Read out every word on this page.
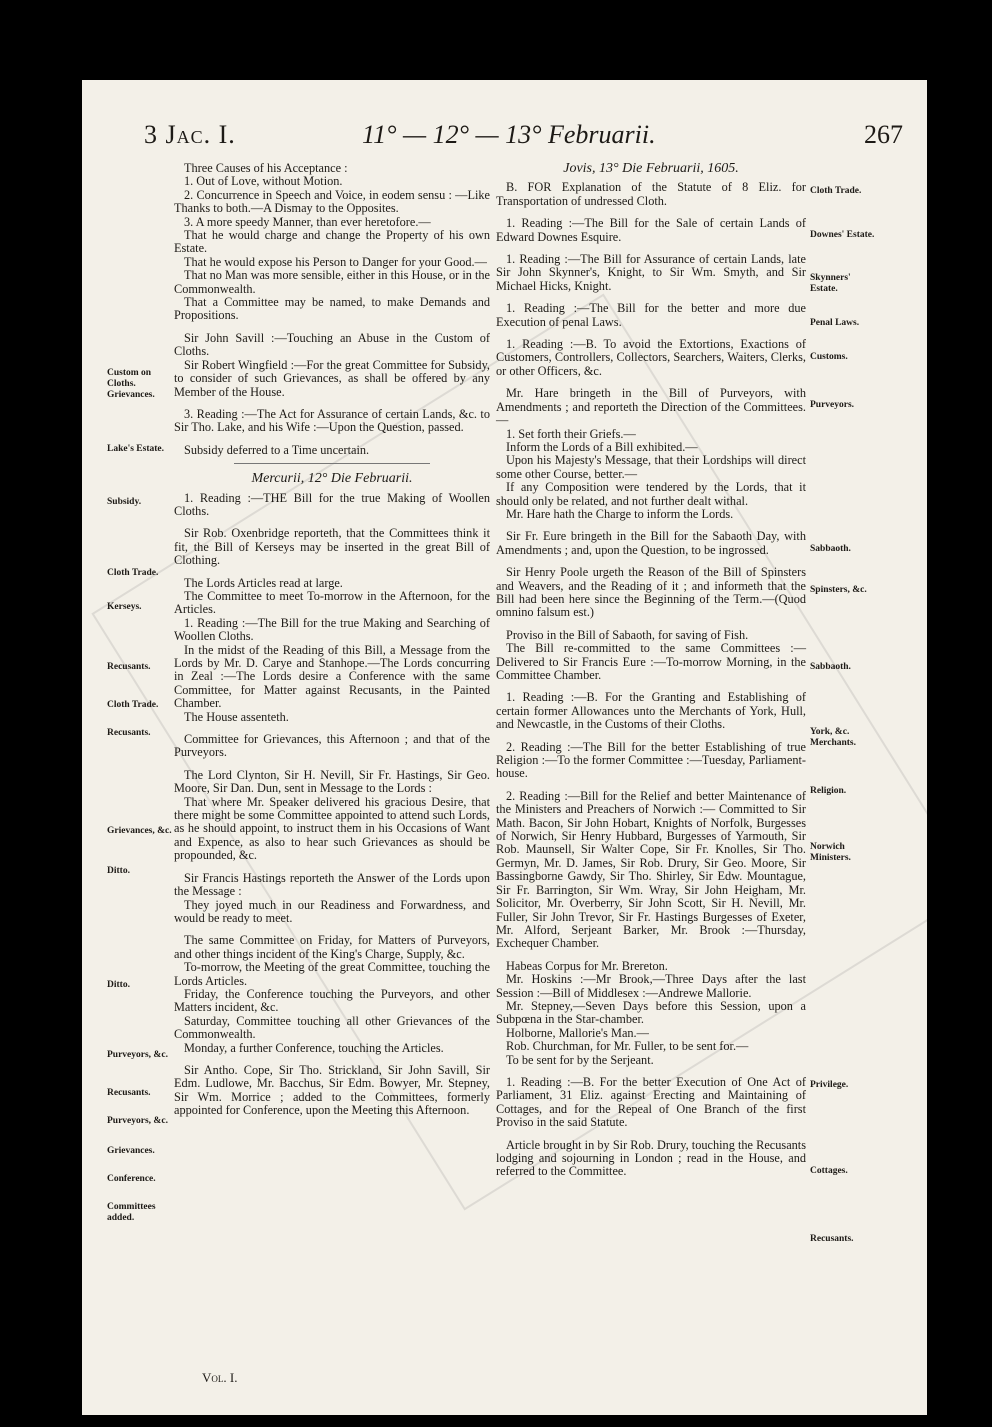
3 Jac. I.	11° — 12° — 13° Februarii.	267
Custom on Cloths.
Grievances.
Lake's Estate.
Subsidy.
Cloth Trade.
Kerseys.
Recusants.
Cloth Trade.
Recusants.
Grievances, &c.
Ditto.
Ditto.
Purveyors, &c.
Recusants.
Purveyors, &c.
Grievances.
Conference.
Committees added.

Three Causes of his Acceptance :

1. Out of Love, without Motion.

2. Concurrence in Speech and Voice, in eodem sensu : —Like Thanks to both.—A Dismay to the Opposites.

3. A more speedy Manner, than ever heretofore.—

That he would charge and change the Property of his own Estate.

That he would expose his Person to Danger for your Good.—

That no Man was more sensible, either in this House, or in the Commonwealth.

That a Committee may be named, to make Demands and Propositions.

Sir John Savill :—Touching an Abuse in the Custom of Cloths.

Sir Robert Wingfield :—For the great Committee for Subsidy, to consider of such Grievances, as shall be offered by any Member of the House.

3. Reading :—The Act for Assurance of certain Lands, &c. to Sir Tho. Lake, and his Wife :—Upon the Question, passed.

Subsidy deferred to a Time uncertain.

Mercurii, 12° Die Februarii.

1. Reading :—THE Bill for the true Making of Woollen Cloths.

Sir Rob. Oxenbridge reporteth, that the Committees think it fit, the Bill of Kerseys may be inserted in the great Bill of Clothing.

The Lords Articles read at large.

The Committee to meet To-morrow in the Afternoon, for the Articles.

1. Reading :—The Bill for the true Making and Searching of Woollen Cloths.

In the midst of the Reading of this Bill, a Message from the Lords by Mr. D. Carye and Stanhope.—The Lords concurring in Zeal :—The Lords desire a Conference with the same Committee, for Matter against Recusants, in the Painted Chamber.

The House assenteth.

Committee for Grievances, this Afternoon ; and that of the Purveyors.

The Lord Clynton, Sir H. Nevill, Sir Fr. Hastings, Sir Geo. Moore, Sir Dan. Dun, sent in Message to the Lords :

That where Mr. Speaker delivered his gracious Desire, that there might be some Committee appointed to attend such Lords, as he should appoint, to instruct them in his Occasions of Want and Expence, as also to hear such Grievances as should be propounded, &c.

Sir Francis Hastings reporteth the Answer of the Lords upon the Message :

They joyed much in our Readiness and Forwardness, and would be ready to meet.

The same Committee on Friday, for Matters of Purveyors, and other things incident of the King's Charge, Supply, &c.

To-morrow, the Meeting of the great Committee, touching the Lords Articles.

Friday, the Conference touching the Purveyors, and other Matters incident, &c.

Saturday, Committee touching all other Grievances of the Commonwealth.

Monday, a further Conference, touching the Articles.

Sir Antho. Cope, Sir Tho. Strickland, Sir John Savill, Sir Edm. Ludlowe, Mr. Bacchus, Sir Edm. Bowyer, Mr. Stepney, Sir Wm. Morrice ; added to the Committees, formerly appointed for Conference, upon the Meeting this Afternoon.

Jovis, 13° Die Februarii, 1605.

B. FOR Explanation of the Statute of 8 Eliz. for Transportation of undressed Cloth.

1. Reading :—The Bill for the Sale of certain Lands of Edward Downes Esquire.

1. Reading :—The Bill for Assurance of certain Lands, late Sir John Skynner's, Knight, to Sir Wm. Smyth, and Sir Michael Hicks, Knight.

1. Reading :—The Bill for the better and more due Execution of penal Laws.

1. Reading :—B. To avoid the Extortions, Exactions of Customers, Controllers, Collectors, Searchers, Waiters, Clerks, or other Officers, &c.

Mr. Hare bringeth in the Bill of Purveyors, with Amendments ; and reporteth the Direction of the Committees.—

1. Set forth their Griefs.—

Inform the Lords of a Bill exhibited.—

Upon his Majesty's Message, that their Lordships will direct some other Course, better.—

If any Composition were tendered by the Lords, that it should only be related, and not further dealt withal.

Mr. Hare hath the Charge to inform the Lords.

Sir Fr. Eure bringeth in the Bill for the Sabaoth Day, with Amendments ; and, upon the Question, to be ingrossed.

Sir Henry Poole urgeth the Reason of the Bill of Spinsters and Weavers, and the Reading of it ; and informeth that the Bill had been here since the Beginning of the Term.—(Quod omnino falsum est.)

Proviso in the Bill of Sabaoth, for saving of Fish.

The Bill re-committed to the same Committees :— Delivered to Sir Francis Eure :—To-morrow Morning, in the Committee Chamber.

1. Reading :—B. For the Granting and Establishing of certain former Allowances unto the Merchants of York, Hull, and Newcastle, in the Customs of their Cloths.

2. Reading :—The Bill for the better Establishing of true Religion :—To the former Committee :—Tuesday, Parliament-house.

2. Reading :—Bill for the Relief and better Maintenance of the Ministers and Preachers of Norwich :— Committed to Sir Math. Bacon, Sir John Hobart, Knights of Norfolk, Burgesses of Norwich, Sir Henry Hubbard, Burgesses of Yarmouth, Sir Rob. Maunsell, Sir Walter Cope, Sir Fr. Knolles, Sir Tho. Germyn, Mr. D. James, Sir Rob. Drury, Sir Geo. Moore, Sir Bassingborne Gawdy, Sir Tho. Shirley, Sir Edw. Mountague, Sir Fr. Barrington, Sir Wm. Wray, Sir John Heigham, Mr. Solicitor, Mr. Overberry, Sir John Scott, Sir H. Nevill, Mr. Fuller, Sir John Trevor, Sir Fr. Hastings Burgesses of Exeter, Mr. Alford, Serjeant Barker, Mr. Brook :—Thursday, Exchequer Chamber.

Habeas Corpus for Mr. Brereton.

Mr. Hoskins :—Mr Brook,—Three Days after the last Session :—Bill of Middlesex :—Andrewe Mallorie.

Mr. Stepney,—Seven Days before this Session, upon a Subpœna in the Star-chamber.

Holborne, Mallorie's Man.—

Rob. Churchman, for Mr. Fuller, to be sent for.—

To be sent for by the Serjeant.

1. Reading :—B. For the better Execution of One Act of Parliament, 31 Eliz. against Erecting and Maintaining of Cottages, and for the Repeal of One Branch of the first Proviso in the said Statute.

Article brought in by Sir Rob. Drury, touching the Recusants lodging and sojourning in London ; read in the House, and referred to the Committee.

Cloth Trade.
Downes' Estate.
Skynners' Estate.
Penal Laws.
Customs.
Purveyors.
Sabbaoth.
Spinsters, &c.
Sabbaoth.
York, &c. Merchants.
Religion.
Norwich Ministers.
Privilege.
Cottages.
Recusants.
Vol. I.
